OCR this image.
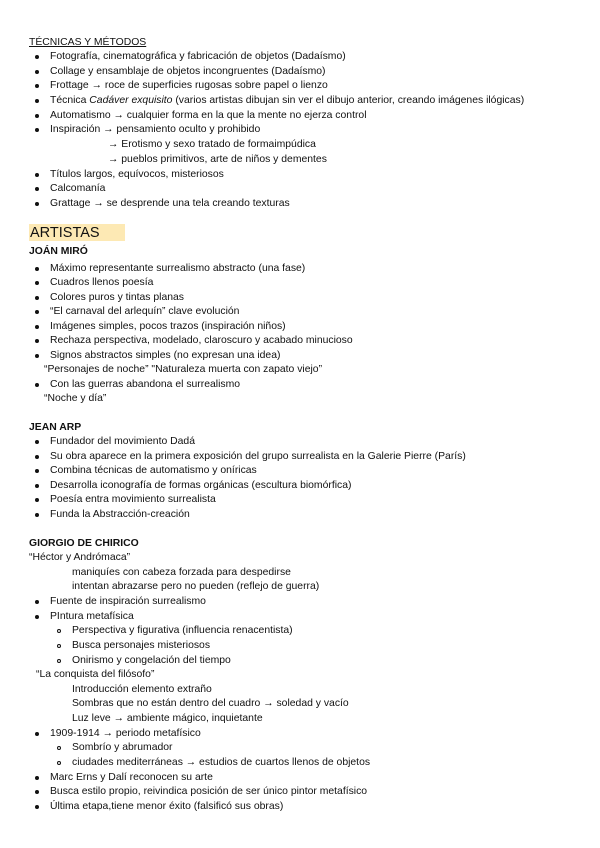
TÉCNICAS Y MÉTODOS
Fotografía, cinematográfica y fabricación de objetos (Dadaísmo)
Collage y ensamblaje de objetos incongruentes (Dadaísmo)
Frottage → roce de superficies rugosas sobre papel o lienzo
Técnica Cadáver exquisito (varios artistas dibujan sin ver el dibujo anterior, creando imágenes ilógicas)
Automatismo → cualquier forma en la que la mente no ejerza control
Inspiración → pensamiento oculto y prohibido
→ Erotismo y sexo tratado de formaimpúdica
→ pueblos primitivos, arte de niños y dementes
Títulos largos, equívocos, misteriosos
Calcomanía
Grattage → se desprende una tela creando texturas
ARTISTAS
JOÁN MIRÓ
Máximo representante surrealismo abstracto (una fase)
Cuadros llenos poesía
Colores puros y tintas planas
“El carnaval del arlequín” clave evolución
Imágenes simples, pocos trazos (inspiración niños)
Rechaza perspectiva, modelado, claroscuro y acabado minucioso
Signos abstractos simples (no expresan una idea)
“Personajes de noche” "Naturaleza muerta con zapato viejo”
Con las guerras abandona el surrealismo
“Noche y día”
JEAN ARP
Fundador del movimiento Dadá
Su obra aparece en la primera exposición del grupo surrealista en la Galerie Pierre (París)
Combina técnicas de automatismo y oníricas
Desarrolla iconografía de formas orgánicas (escultura biomórfica)
Poesía entra movimiento surrealista
Funda la Abstracción-creación
GIORGIO DE CHIRICO
“Héctor y Andrómaca”
maniquíes con cabeza forzada para despedirse
intentan abrazarse pero no pueden (reflejo de guerra)
Fuente de inspiración surrealismo
PIntura metafísica
Perspectiva y figurativa (influencia renacentista)
Busca personajes misteriosos
Onirismo y congelación del tiempo
“La conquista del filósofo”
Introducción elemento extraño
Sombras que no están dentro del cuadro → soledad y vacío
Luz leve → ambiente mágico, inquietante
1909-1914 → periodo metafísico
Sombrío y abrumador
ciudades mediterráneas → estudios de cuartos llenos de objetos
Marc Erns y Dalí reconocen su arte
Busca estilo propio, reivindica posición de ser único pintor metafísico
Última etapa,tiene menor éxito (falsificó sus obras)
